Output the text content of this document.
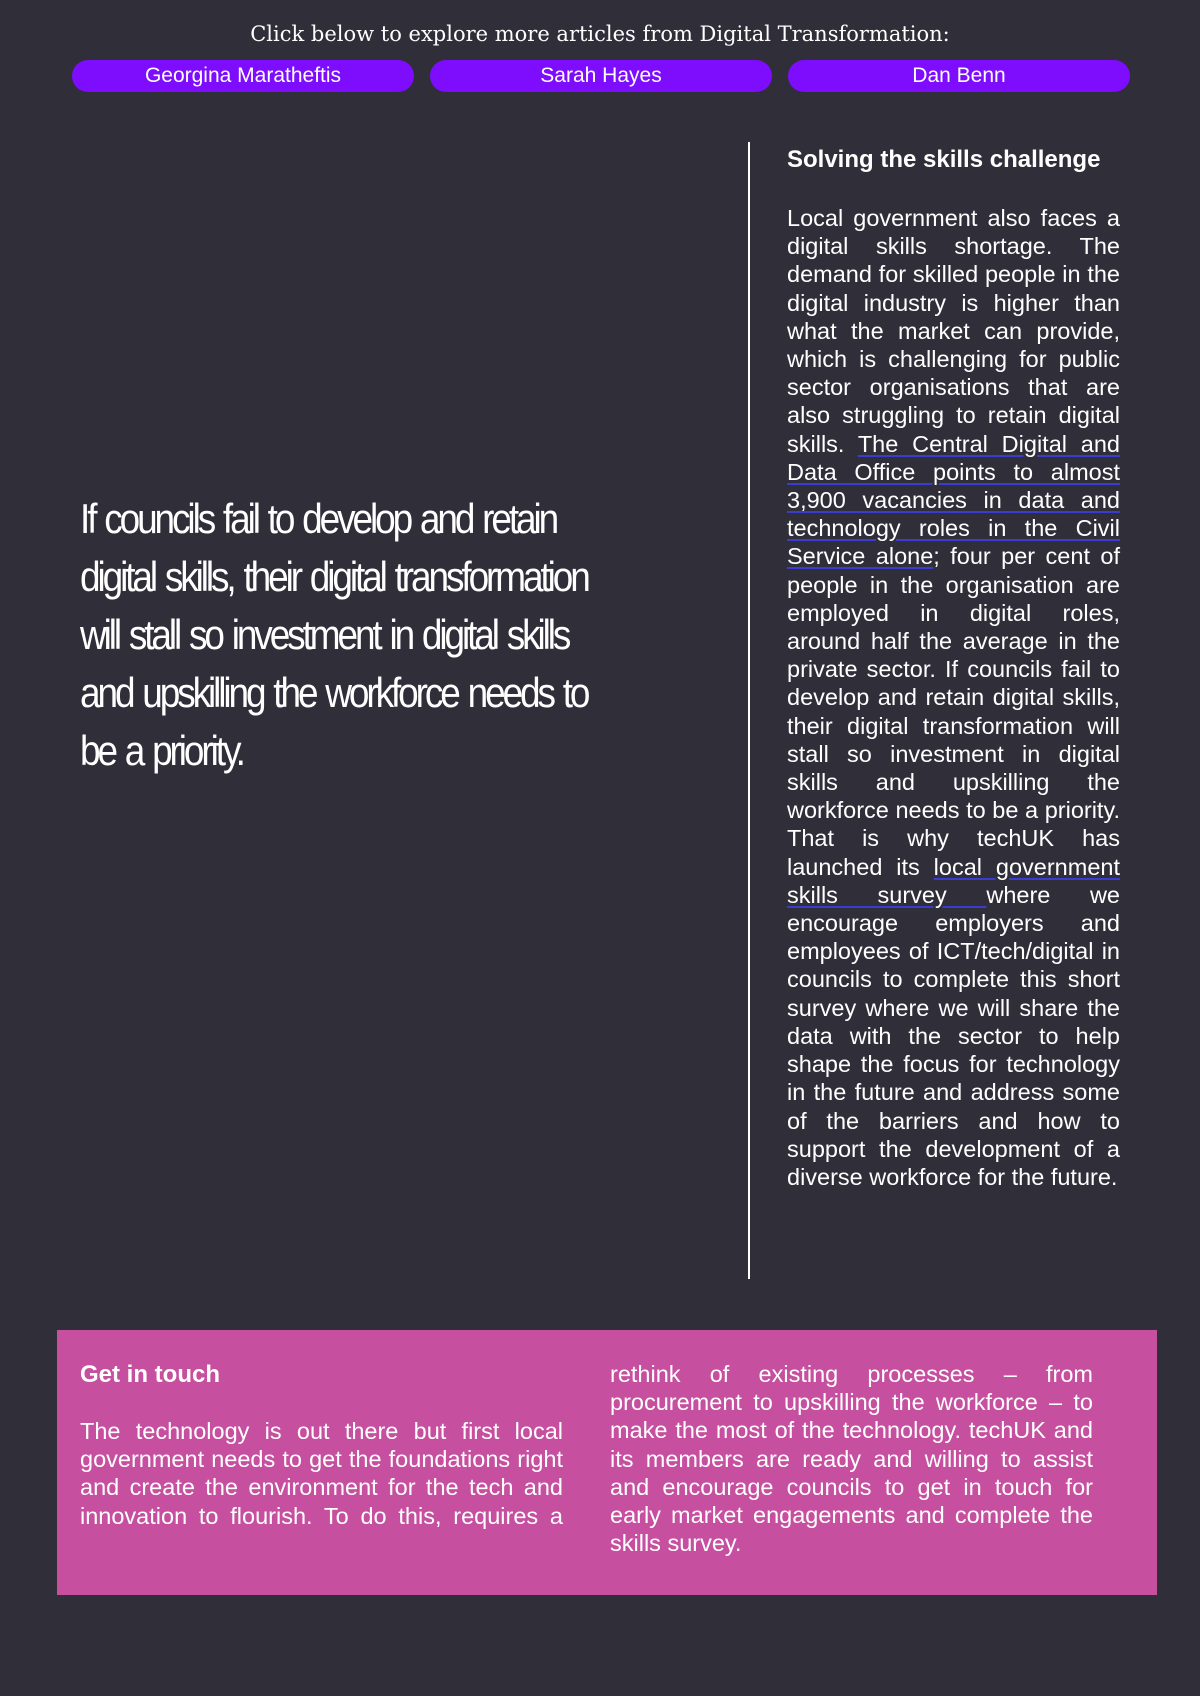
Click below to explore more articles from Digital Transformation:
Georgina Maratheftis	Sarah Hayes	Dan Benn
If councils fail to develop and retain digital skills, their digital transformation will stall so investment in digital skills and upskilling the workforce needs to be a priority.
Solving the skills challenge

Local government also faces a digital skills shortage. The demand for skilled people in the digital industry is higher than what the market can provide, which is challenging for public sector organisations that are also struggling to retain digital skills. The Central Digital and Data Office points to almost 3,900 vacancies in data and technology roles in the Civil Service alone; four per cent of people in the organisation are employed in digital roles, around half the average in the private sector. If councils fail to develop and retain digital skills, their digital transformation will stall so investment in digital skills and upskilling the workforce needs to be a priority. That is why techUK has launched its local government skills survey where we encourage employers and employees of ICT/tech/digital in councils to complete this short survey where we will share the data with the sector to help shape the focus for technology in the future and address some of the barriers and how to support the development of a diverse workforce for the future.

Get in touch

The technology is out there but first local government needs to get the foundations right and create the environment for the tech and innovation to flourish. To do this, requires a rethink of existing processes – from procurement to upskilling the workforce – to make the most of the technology. techUK and its members are ready and willing to assist and encourage councils to get in touch for early market engagements and complete the skills survey.
